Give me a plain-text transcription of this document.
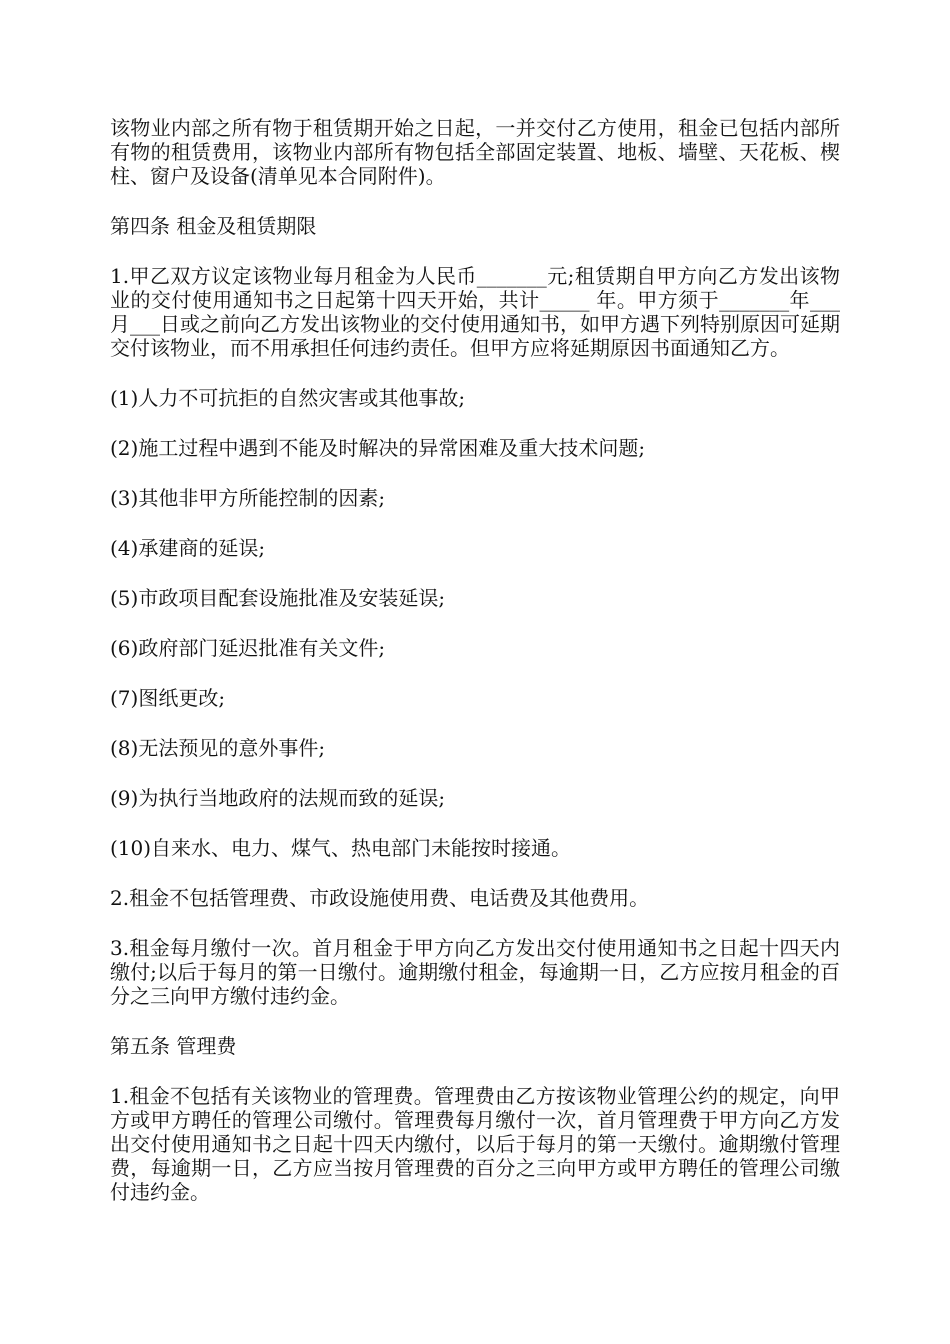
该物业内部之所有物于租赁期开始之日起，一并交付乙方使用，租金已包括内部所有物的租赁费用，该物业内部所有物包括全部固定装置、地板、墙壁、天花板、楔柱、窗户及设备(清单见本合同附件)。

第四条 租金及租赁期限

1.甲乙双方议定该物业每月租金为人民币_______元;租赁期自甲方向乙方发出该物业的交付使用通知书之日起第十四天开始，共计_____ 年。甲方须于_______年___月___日或之前向乙方发出该物业的交付使用通知书，如甲方遇下列特别原因可延期交付该物业，而不用承担任何违约责任。但甲方应将延期原因书面通知乙方。

(1)人力不可抗拒的自然灾害或其他事故;

(2)施工过程中遇到不能及时解决的异常困难及重大技术问题;

(3)其他非甲方所能控制的因素;

(4)承建商的延误;

(5)市政项目配套设施批准及安装延误;

(6)政府部门延迟批准有关文件;

(7)图纸更改;

(8)无法预见的意外事件;

(9)为执行当地政府的法规而致的延误;

(10)自来水、电力、煤气、热电部门未能按时接通。

2.租金不包括管理费、市政设施使用费、电话费及其他费用。

3.租金每月缴付一次。首月租金于甲方向乙方发出交付使用通知书之日起十四天内缴付;以后于每月的第一日缴付。逾期缴付租金，每逾期一日，乙方应按月租金的百分之三向甲方缴付违约金。

第五条 管理费

1.租金不包括有关该物业的管理费。管理费由乙方按该物业管理公约的规定，向甲方或甲方聘任的管理公司缴付。管理费每月缴付一次，首月管理费于甲方向乙方发出交付使用通知书之日起十四天内缴付，以后于每月的第一天缴付。逾期缴付管理费，每逾期一日，乙方应当按月管理费的百分之三向甲方或甲方聘任的管理公司缴付违约金。
